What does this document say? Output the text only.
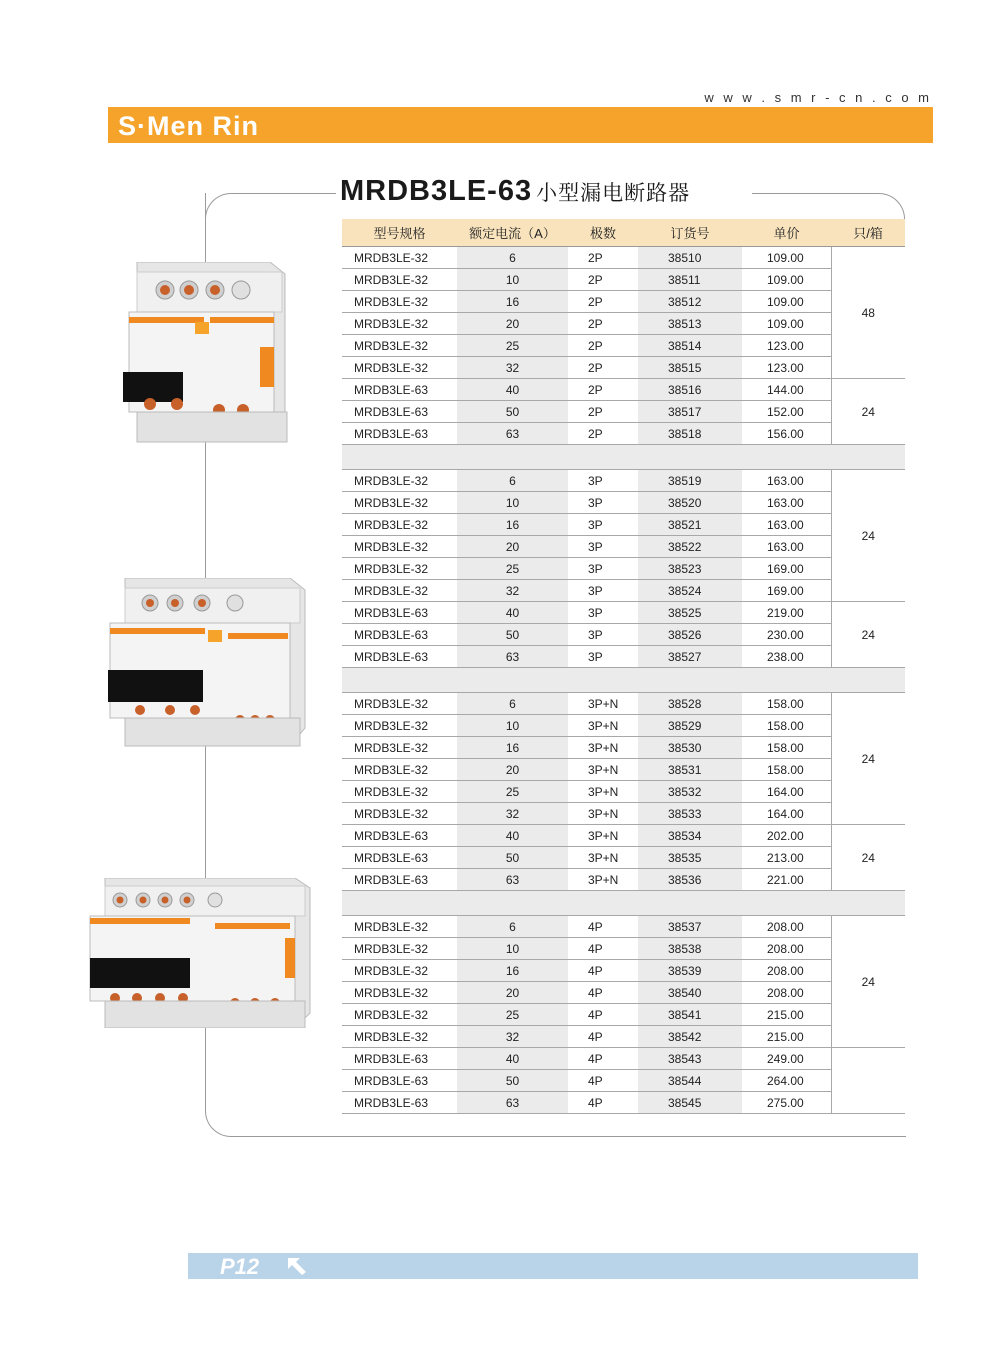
w w w . s m r - c n . c o m
S·Men Rin
MRDB3LE-63 小型漏电断路器
型号规格	额定电流（A）	极数	订货号	单价	只/箱
MRDB3LE-32	6	2P	38510	109.00	48
MRDB3LE-32	10	2P	38511	109.00	
MRDB3LE-32	16	2P	38512	109.00	
MRDB3LE-32	20	2P	38513	109.00	
MRDB3LE-32	25	2P	38514	123.00	
MRDB3LE-32	32	2P	38515	123.00	
MRDB3LE-63	40	2P	38516	144.00	24
MRDB3LE-63	50	2P	38517	152.00	
MRDB3LE-63	63	2P	38518	156.00	

MRDB3LE-32	6	3P	38519	163.00	24
MRDB3LE-32	10	3P	38520	163.00	
MRDB3LE-32	16	3P	38521	163.00	
MRDB3LE-32	20	3P	38522	163.00	
MRDB3LE-32	25	3P	38523	169.00	
MRDB3LE-32	32	3P	38524	169.00	
MRDB3LE-63	40	3P	38525	219.00	24
MRDB3LE-63	50	3P	38526	230.00	
MRDB3LE-63	63	3P	38527	238.00	

MRDB3LE-32	6	3P+N	38528	158.00	24
MRDB3LE-32	10	3P+N	38529	158.00	
MRDB3LE-32	16	3P+N	38530	158.00	
MRDB3LE-32	20	3P+N	38531	158.00	
MRDB3LE-32	25	3P+N	38532	164.00	
MRDB3LE-32	32	3P+N	38533	164.00	
MRDB3LE-63	40	3P+N	38534	202.00	24
MRDB3LE-63	50	3P+N	38535	213.00	
MRDB3LE-63	63	3P+N	38536	221.00	

MRDB3LE-32	6	4P	38537	208.00	24
MRDB3LE-32	10	4P	38538	208.00	
MRDB3LE-32	16	4P	38539	208.00	
MRDB3LE-32	20	4P	38540	208.00	
MRDB3LE-32	25	4P	38541	215.00	
MRDB3LE-32	32	4P	38542	215.00	
MRDB3LE-63	40	4P	38543	249.00	
MRDB3LE-63	50	4P	38544	264.00	
MRDB3LE-63	63	4P	38545	275.00	
P12
